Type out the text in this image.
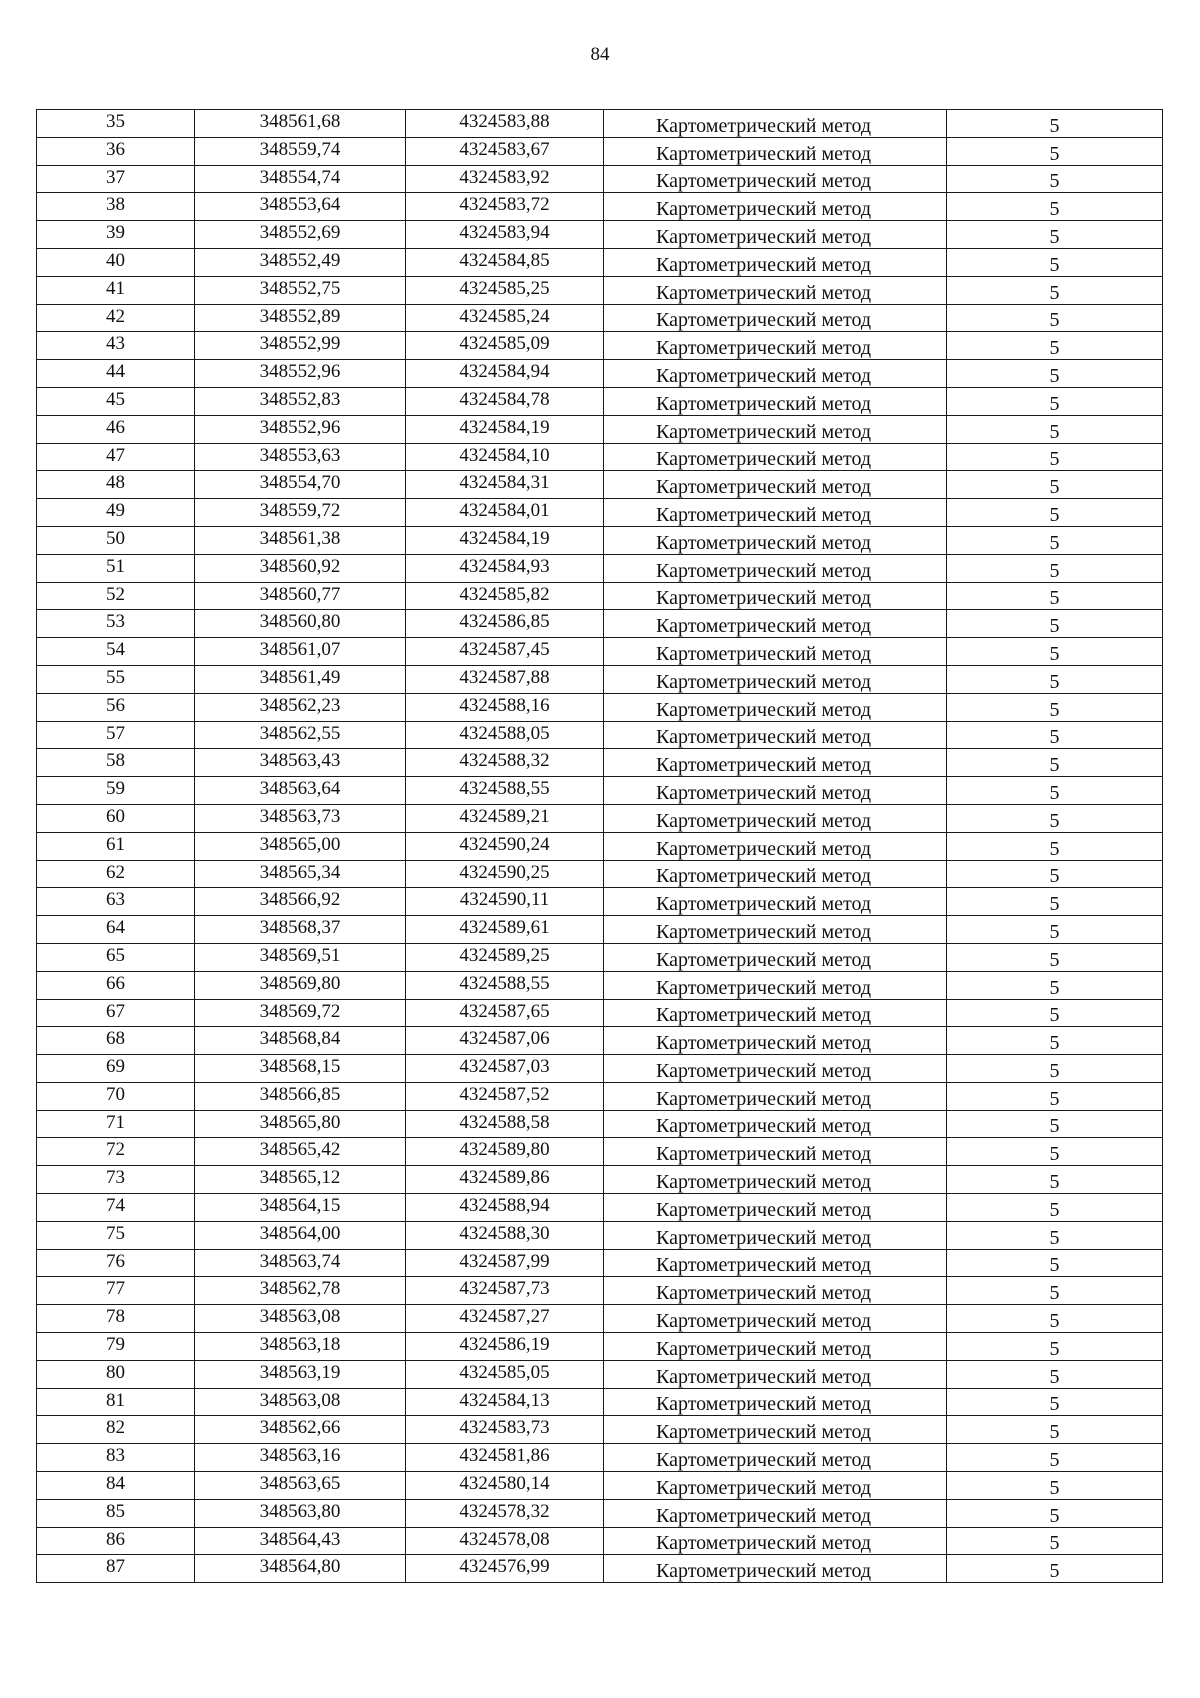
84
35	348561,68	4324583,88	Картометрический метод	5

36	348559,74	4324583,67	Картометрический метод	5

37	348554,74	4324583,92	Картометрический метод	5

38	348553,64	4324583,72	Картометрический метод	5

39	348552,69	4324583,94	Картометрический метод	5

40	348552,49	4324584,85	Картометрический метод	5

41	348552,75	4324585,25	Картометрический метод	5

42	348552,89	4324585,24	Картометрический метод	5

43	348552,99	4324585,09	Картометрический метод	5

44	348552,96	4324584,94	Картометрический метод	5

45	348552,83	4324584,78	Картометрический метод	5

46	348552,96	4324584,19	Картометрический метод	5

47	348553,63	4324584,10	Картометрический метод	5

48	348554,70	4324584,31	Картометрический метод	5

49	348559,72	4324584,01	Картометрический метод	5

50	348561,38	4324584,19	Картометрический метод	5

51	348560,92	4324584,93	Картометрический метод	5

52	348560,77	4324585,82	Картометрический метод	5

53	348560,80	4324586,85	Картометрический метод	5

54	348561,07	4324587,45	Картометрический метод	5

55	348561,49	4324587,88	Картометрический метод	5

56	348562,23	4324588,16	Картометрический метод	5

57	348562,55	4324588,05	Картометрический метод	5

58	348563,43	4324588,32	Картометрический метод	5

59	348563,64	4324588,55	Картометрический метод	5

60	348563,73	4324589,21	Картометрический метод	5

61	348565,00	4324590,24	Картометрический метод	5

62	348565,34	4324590,25	Картометрический метод	5

63	348566,92	4324590,11	Картометрический метод	5

64	348568,37	4324589,61	Картометрический метод	5

65	348569,51	4324589,25	Картометрический метод	5

66	348569,80	4324588,55	Картометрический метод	5

67	348569,72	4324587,65	Картометрический метод	5

68	348568,84	4324587,06	Картометрический метод	5

69	348568,15	4324587,03	Картометрический метод	5

70	348566,85	4324587,52	Картометрический метод	5

71	348565,80	4324588,58	Картометрический метод	5

72	348565,42	4324589,80	Картометрический метод	5

73	348565,12	4324589,86	Картометрический метод	5

74	348564,15	4324588,94	Картометрический метод	5

75	348564,00	4324588,30	Картометрический метод	5

76	348563,74	4324587,99	Картометрический метод	5

77	348562,78	4324587,73	Картометрический метод	5

78	348563,08	4324587,27	Картометрический метод	5

79	348563,18	4324586,19	Картометрический метод	5

80	348563,19	4324585,05	Картометрический метод	5

81	348563,08	4324584,13	Картометрический метод	5

82	348562,66	4324583,73	Картометрический метод	5

83	348563,16	4324581,86	Картометрический метод	5

84	348563,65	4324580,14	Картометрический метод	5

85	348563,80	4324578,32	Картометрический метод	5

86	348564,43	4324578,08	Картометрический метод	5

87	348564,80	4324576,99	Картометрический метод	5
